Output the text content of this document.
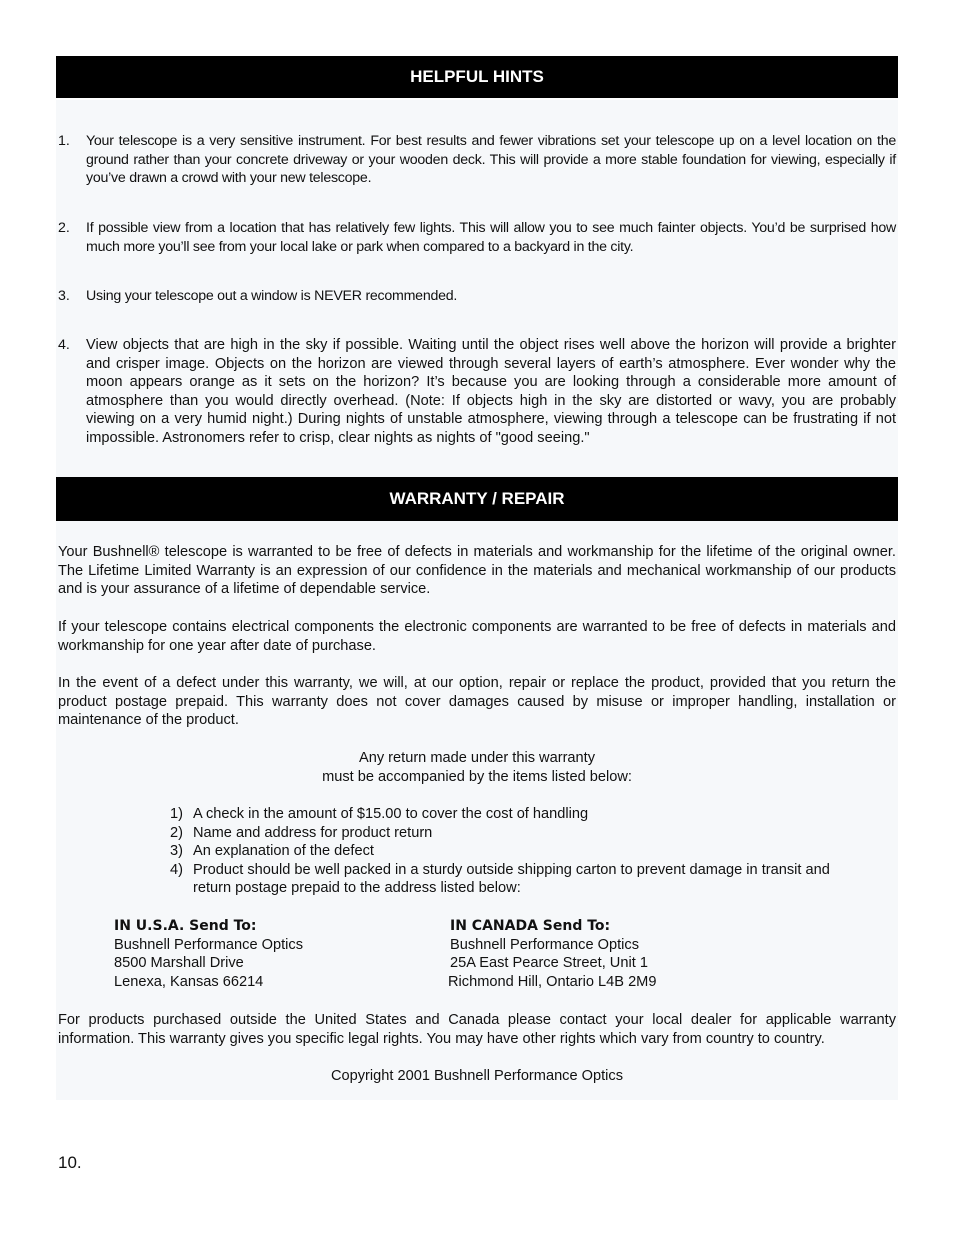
HELPFUL HINTS
1. Your telescope is a very sensitive instrument. For best results and fewer vibrations set your telescope up on a level location on the ground rather than your concrete driveway or your wooden deck. This will provide a more stable foundation for viewing, especially if you’ve drawn a crowd with your new telescope.
2. If possible view from a location that has relatively few lights. This will allow you to see much fainter objects. You’d be surprised how much more you’ll see from your local lake or park when compared to a backyard in the city.
3. Using your telescope out a window is NEVER recommended.
4. View objects that are high in the sky if possible. Waiting until the object rises well above the horizon will provide a brighter and crisper image. Objects on the horizon are viewed through several layers of earth’s atmosphere. Ever wonder why the moon appears orange as it sets on the horizon? It’s because you are looking through a considerable more amount of atmosphere than you would directly overhead. (Note: If objects high in the sky are distorted or wavy, you are probably viewing on a very humid night.) During nights of unstable atmosphere, viewing through a telescope can be frustrating if not impossible. Astronomers refer to crisp, clear nights as nights of "good seeing."
WARRANTY / REPAIR

Your Bushnell® telescope is warranted to be free of defects in materials and workmanship for the lifetime of the original owner. The Lifetime Limited Warranty is an expression of our confidence in the materials and mechanical workmanship of our products and is your assurance of a lifetime of dependable service.

If your telescope contains electrical components the electronic components are warranted to be free of defects in materials and workmanship for one year after date of purchase.

In the event of a defect under this warranty, we will, at our option, repair or replace the product, provided that you return the product postage prepaid. This warranty does not cover damages caused by misuse or improper handling, installation or maintenance of the product.

Any return made under this warranty
must be accompanied by the items listed below:
1) A check in the amount of $15.00 to cover the cost of handling
2) Name and address for product return
3) An explanation of the defect
4) Product should be well packed in a sturdy outside shipping carton to prevent damage in transit and return postage prepaid to the address listed below:
IN U.S.A. Send To:
Bushnell Performance Optics
8500 Marshall Drive
Lenexa, Kansas 66214
IN CANADA Send To:
Bushnell Performance Optics
25A East Pearce Street, Unit 1
Richmond Hill, Ontario L4B 2M9

For products purchased outside the United States and Canada please contact your local dealer for applicable warranty information. This warranty gives you specific legal rights. You may have other rights which vary from country to country.

Copyright 2001 Bushnell Performance Optics
10.
